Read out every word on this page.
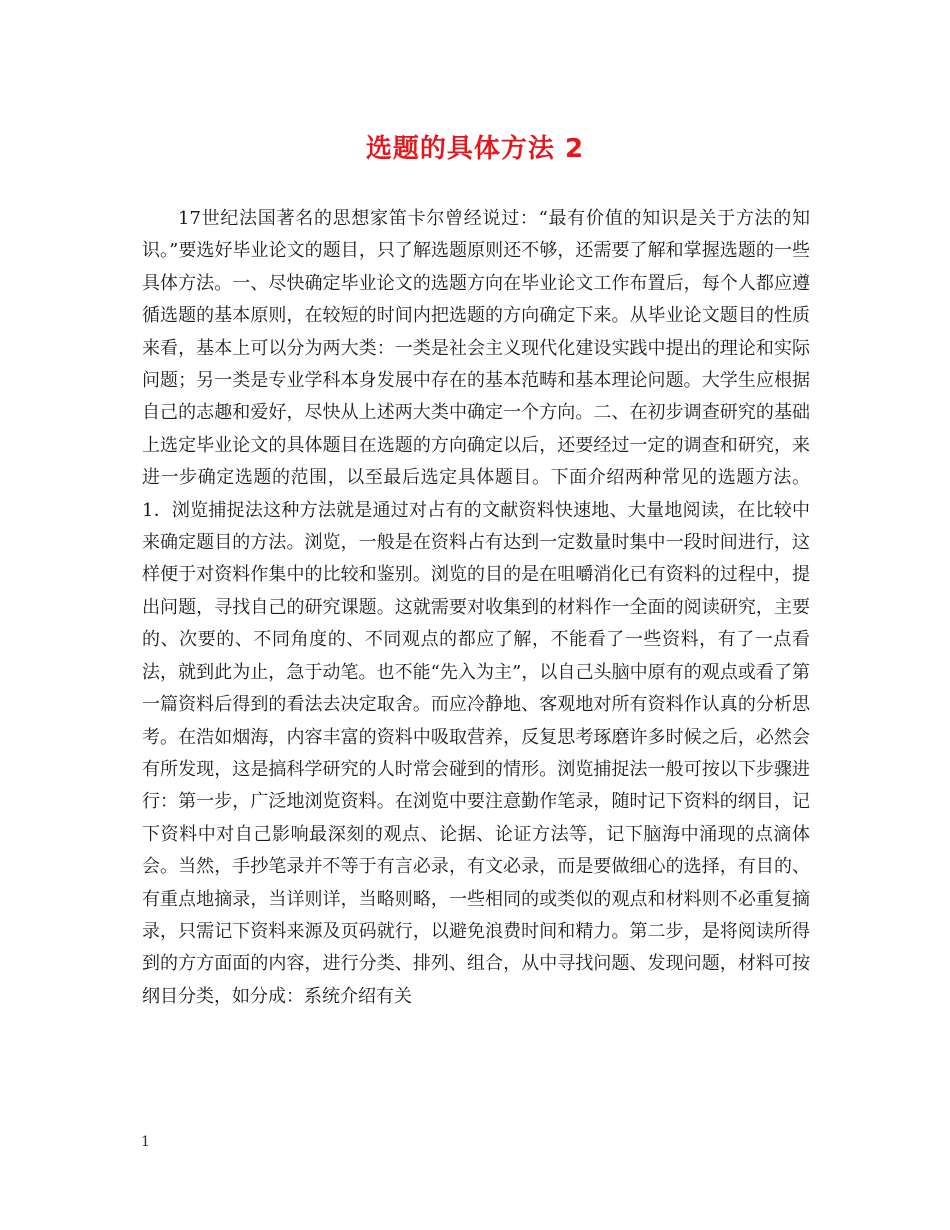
选题的具体方法 2

17世纪法国著名的思想家笛卡尔曾经说过：“最有价值的知识是关于方法的知识。”要选好毕业论文的题目，只了解选题原则还不够，还需要了解和掌握选题的一些具体方法。一、尽快确定毕业论文的选题方向在毕业论文工作布置后，每个人都应遵循选题的基本原则，在较短的时间内把选题的方向确定下来。从毕业论文题目的性质来看，基本上可以分为两大类：一类是社会主义现代化建设实践中提出的理论和实际问题；另一类是专业学科本身发展中存在的基本范畴和基本理论问题。大学生应根据自己的志趣和爱好，尽快从上述两大类中确定一个方向。二、在初步调查研究的基础上选定毕业论文的具体题目在选题的方向确定以后，还要经过一定的调查和研究，来进一步确定选题的范围，以至最后选定具体题目。下面介绍两种常见的选题方法。1．浏览捕捉法这种方法就是通过对占有的文献资料快速地、大量地阅读，在比较中来确定题目的方法。浏览，一般是在资料占有达到一定数量时集中一段时间进行，这样便于对资料作集中的比较和鉴别。浏览的目的是在咀嚼消化已有资料的过程中，提出问题，寻找自己的研究课题。这就需要对收集到的材料作一全面的阅读研究，主要的、次要的、不同角度的、不同观点的都应了解，不能看了一些资料，有了一点看法，就到此为止，急于动笔。也不能“先入为主”，以自己头脑中原有的观点或看了第一篇资料后得到的看法去决定取舍。而应冷静地、客观地对所有资料作认真的分析思考。在浩如烟海，内容丰富的资料中吸取营养，反复思考琢磨许多时候之后，必然会有所发现，这是搞科学研究的人时常会碰到的情形。浏览捕捉法一般可按以下步骤进行：第一步，广泛地浏览资料。在浏览中要注意勤作笔录，随时记下资料的纲目，记下资料中对自己影响最深刻的观点、论据、论证方法等，记下脑海中涌现的点滴体会。当然，手抄笔录并不等于有言必录，有文必录，而是要做细心的选择，有目的、有重点地摘录，当详则详，当略则略，一些相同的或类似的观点和材料则不必重复摘录，只需记下资料来源及页码就行，以避免浪费时间和精力。第二步，是将阅读所得到的方方面面的内容，进行分类、排列、组合，从中寻找问题、发现问题，材料可按纲目分类，如分成：系统介绍有关

1
